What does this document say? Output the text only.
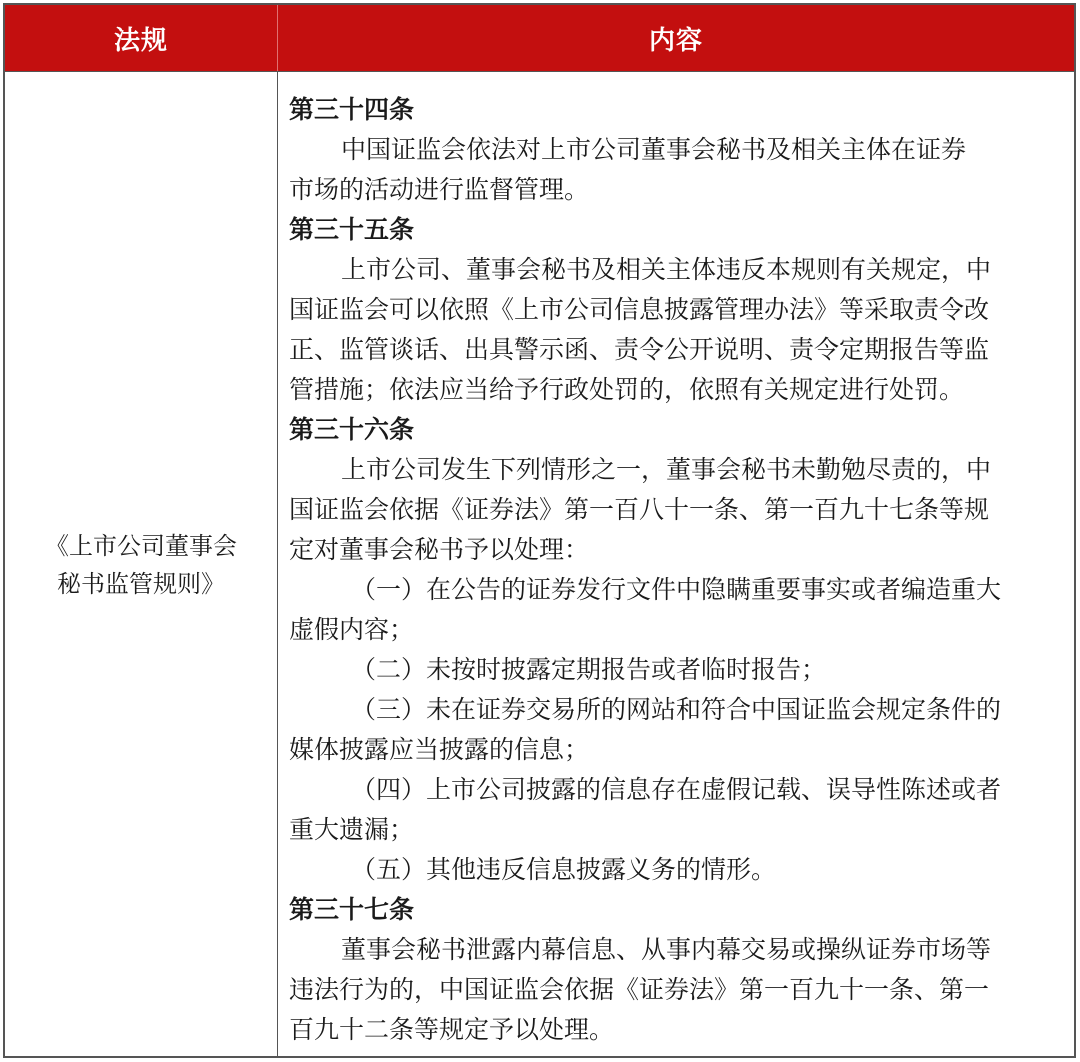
法规	内容
《上市公司董事会
秘书监管规则》
第三十四条
中国证监会依法对上市公司董事会秘书及相关主体在证券
市场的活动进行监督管理。
第三十五条
上市公司、董事会秘书及相关主体违反本规则有关规定，中
国证监会可以依照《上市公司信息披露管理办法》等采取责令改
正、监管谈话、出具警示函、责令公开说明、责令定期报告等监
管措施；依法应当给予行政处罚的，依照有关规定进行处罚。
第三十六条
上市公司发生下列情形之一，董事会秘书未勤勉尽责的，中
国证监会依据《证券法》第一百八十一条、第一百九十七条等规
定对董事会秘书予以处理：
（一）在公告的证券发行文件中隐瞒重要事实或者编造重大
虚假内容；
（二）未按时披露定期报告或者临时报告；
（三）未在证券交易所的网站和符合中国证监会规定条件的
媒体披露应当披露的信息；
（四）上市公司披露的信息存在虚假记载、误导性陈述或者
重大遗漏；
（五）其他违反信息披露义务的情形。
第三十七条
董事会秘书泄露内幕信息、从事内幕交易或操纵证券市场等
违法行为的，中国证监会依据《证券法》第一百九十一条、第一
百九十二条等规定予以处理。
